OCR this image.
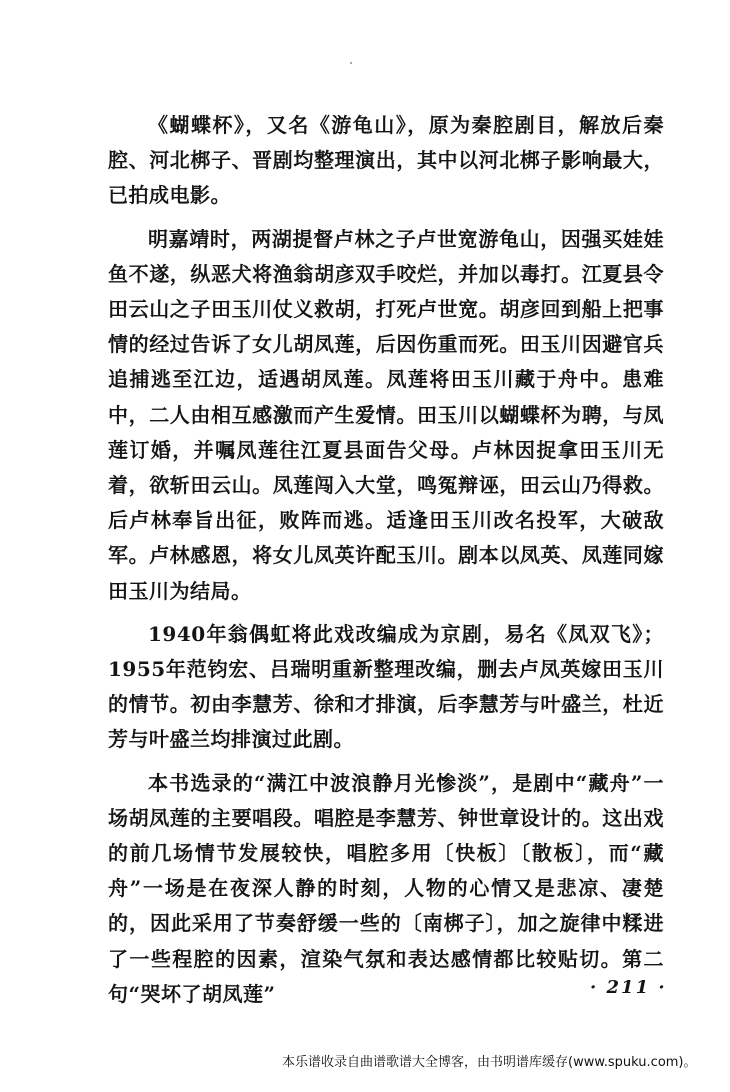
《蝴蝶杯》，又名《游龟山》，原为秦腔剧目，解放后秦腔、河北梆子、晋剧均整理演出，其中以河北梆子影响最大，已拍成电影。

明嘉靖时，两湖提督卢林之子卢世宽游龟山，因强买娃娃鱼不遂，纵恶犬将渔翁胡彦双手咬烂，并加以毒打。江夏县令田云山之子田玉川仗义救胡，打死卢世宽。胡彦回到船上把事情的经过告诉了女儿胡凤莲，后因伤重而死。田玉川因避官兵追捕逃至江边，适遇胡凤莲。凤莲将田玉川藏于舟中。患难中，二人由相互感激而产生爱情。田玉川以蝴蝶杯为聘，与凤莲订婚，并嘱凤莲往江夏县面告父母。卢林因捉拿田玉川无着，欲斩田云山。凤莲闯入大堂，鸣冤辩诬，田云山乃得救。后卢林奉旨出征，败阵而逃。适逢田玉川改名投军，大破敌军。卢林感恩，将女儿凤英许配玉川。剧本以凤英、凤莲同嫁田玉川为结局。

1940年翁偶虹将此戏改编成为京剧，易名《凤双飞》；1955年范钧宏、吕瑞明重新整理改编，删去卢凤英嫁田玉川的情节。初由李慧芳、徐和才排演，后李慧芳与叶盛兰，杜近芳与叶盛兰均排演过此剧。

本书选录的“满江中波浪静月光惨淡”，是剧中“藏舟”一场胡凤莲的主要唱段。唱腔是李慧芳、钟世章设计的。这出戏的前几场情节发展较快，唱腔多用〔快板〕〔散板〕，而“藏舟”一场是在夜深人静的时刻，人物的心情又是悲凉、凄楚的，因此采用了节奏舒缓一些的〔南梆子〕，加之旋律中糅进了一些程腔的因素，渲染气氛和表达感情都比较贴切。第二句“哭坏了胡凤莲”	· 211 ·
本乐谱收录自曲谱歌谱大全博客，由书明谱库缓存(www.spuku.com)。
